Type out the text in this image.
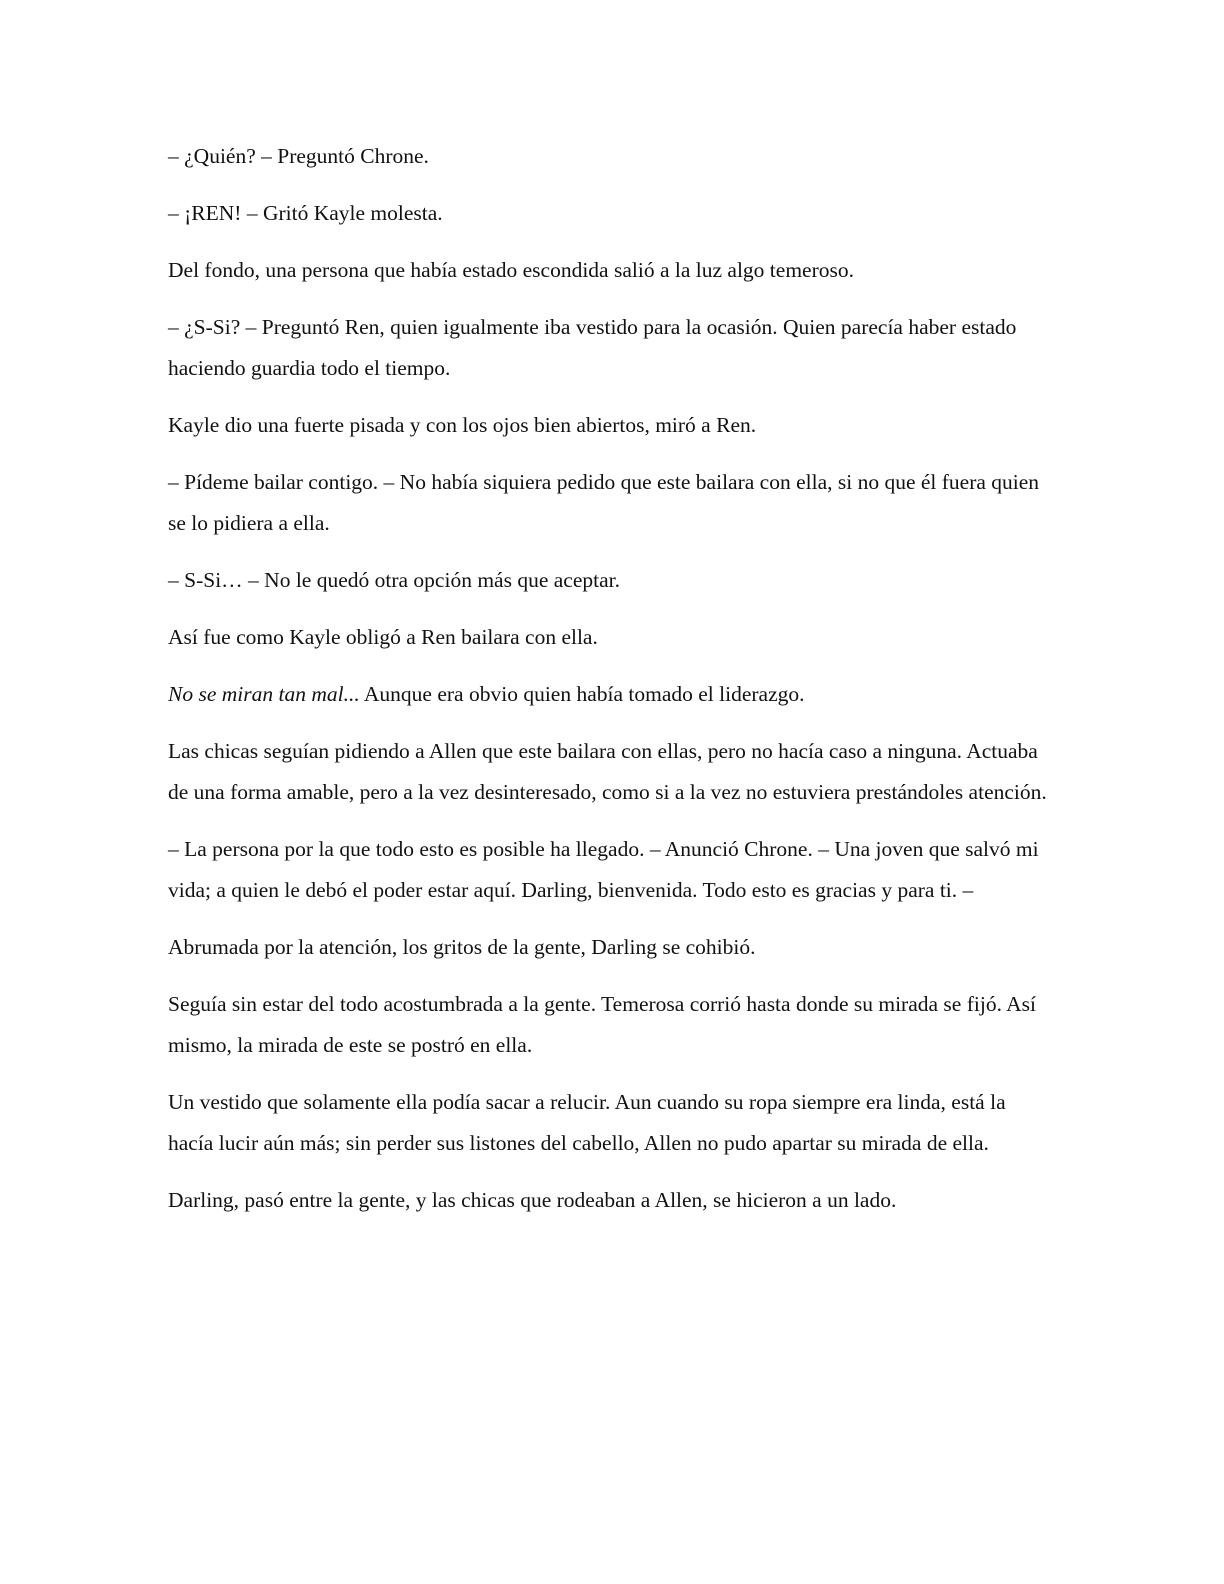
– ¿Quién? – Preguntó Chrone.

– ¡REN! – Gritó Kayle molesta.

Del fondo, una persona que había estado escondida salió a la luz algo temeroso.

– ¿S-Si? – Preguntó Ren, quien igualmente iba vestido para la ocasión. Quien parecía haber estado haciendo guardia todo el tiempo.

Kayle dio una fuerte pisada y con los ojos bien abiertos, miró a Ren.

– Pídeme bailar contigo. – No había siquiera pedido que este bailara con ella, si no que él fuera quien se lo pidiera a ella.

– S-Si… – No le quedó otra opción más que aceptar.

Así fue como Kayle obligó a Ren bailara con ella.

No se miran tan mal... Aunque era obvio quien había tomado el liderazgo.

Las chicas seguían pidiendo a Allen que este bailara con ellas, pero no hacía caso a ninguna. Actuaba de una forma amable, pero a la vez desinteresado, como si a la vez no estuviera prestándoles atención.

– La persona por la que todo esto es posible ha llegado. – Anunció Chrone. – Una joven que salvó mi vida; a quien le debó el poder estar aquí. Darling, bienvenida. Todo esto es gracias y para ti. –

Abrumada por la atención, los gritos de la gente, Darling se cohibió.

Seguía sin estar del todo acostumbrada a la gente. Temerosa corrió hasta donde su mirada se fijó. Así mismo, la mirada de este se postró en ella.

Un vestido que solamente ella podía sacar a relucir. Aun cuando su ropa siempre era linda, está la hacía lucir aún más; sin perder sus listones del cabello, Allen no pudo apartar su mirada de ella.

Darling, pasó entre la gente, y las chicas que rodeaban a Allen, se hicieron a un lado.
